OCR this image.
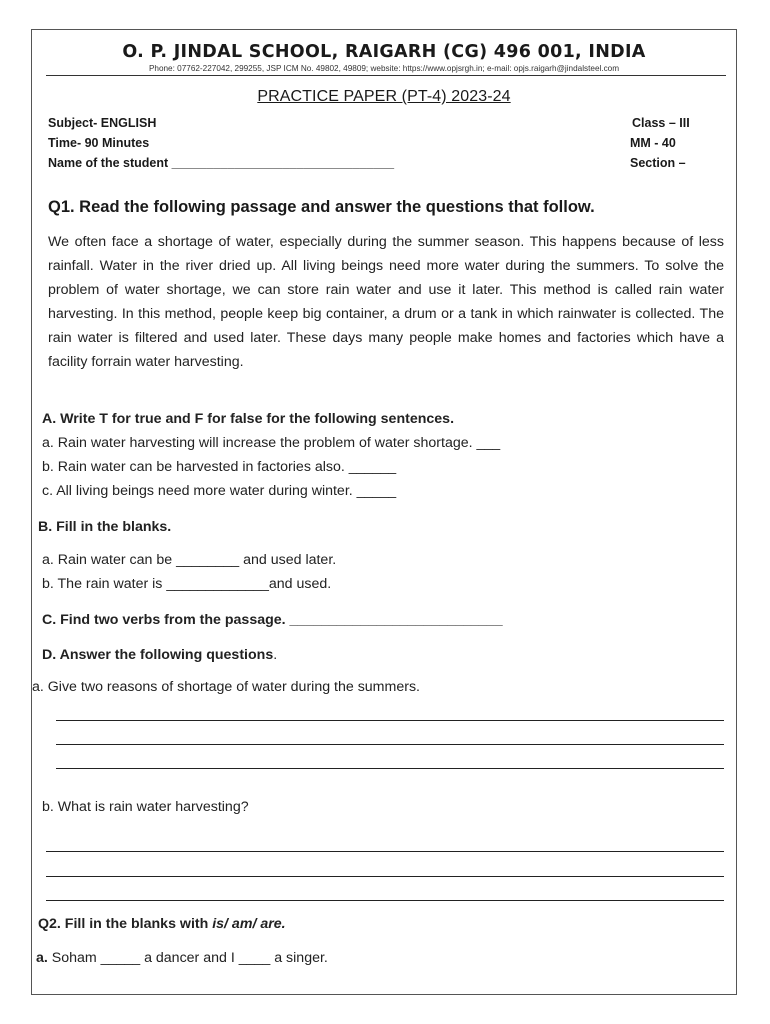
O. P. JINDAL SCHOOL, RAIGARH (CG) 496 001, INDIA
Phone: 07762-227042, 299255, JSP ICM No. 49802, 49809; website: https://www.opjsrgh.in; e-mail: opjs.raigarh@jindalsteel.com
PRACTICE PAPER (PT-4) 2023-24
Subject- ENGLISH
Time- 90 Minutes
Name of the student ________________________________
Class – III
MM - 40
Section –
Q1. Read the following passage and answer the questions that follow.
We often face a shortage of water, especially during the summer season. This happens because of less rainfall. Water in the river dried up. All living beings need more water during the summers. To solve the problem of water shortage, we can store rain water and use it later. This method is called rain water harvesting. In this method, people keep big container, a drum or a tank in which rainwater is collected. The rain water is filtered and used later. These days many people make homes and factories which have a facility forrain water harvesting.
A. Write T for true and F for false for the following sentences.
a. Rain water harvesting will increase the problem of water shortage. ___
b. Rain water can be harvested in factories also. ______
c. All living beings need more water during winter. _____
B. Fill in the blanks.
a. Rain water can be ________ and used later.
b. The rain water is _____________and used.
C. Find two verbs from the passage. ___________________________
D. Answer the following questions.
a. Give two reasons of shortage of water during the summers.
b. What is rain water harvesting?
Q2. Fill in the blanks with is/ am/ are.
a. Soham _____ a dancer and I ____ a singer.
